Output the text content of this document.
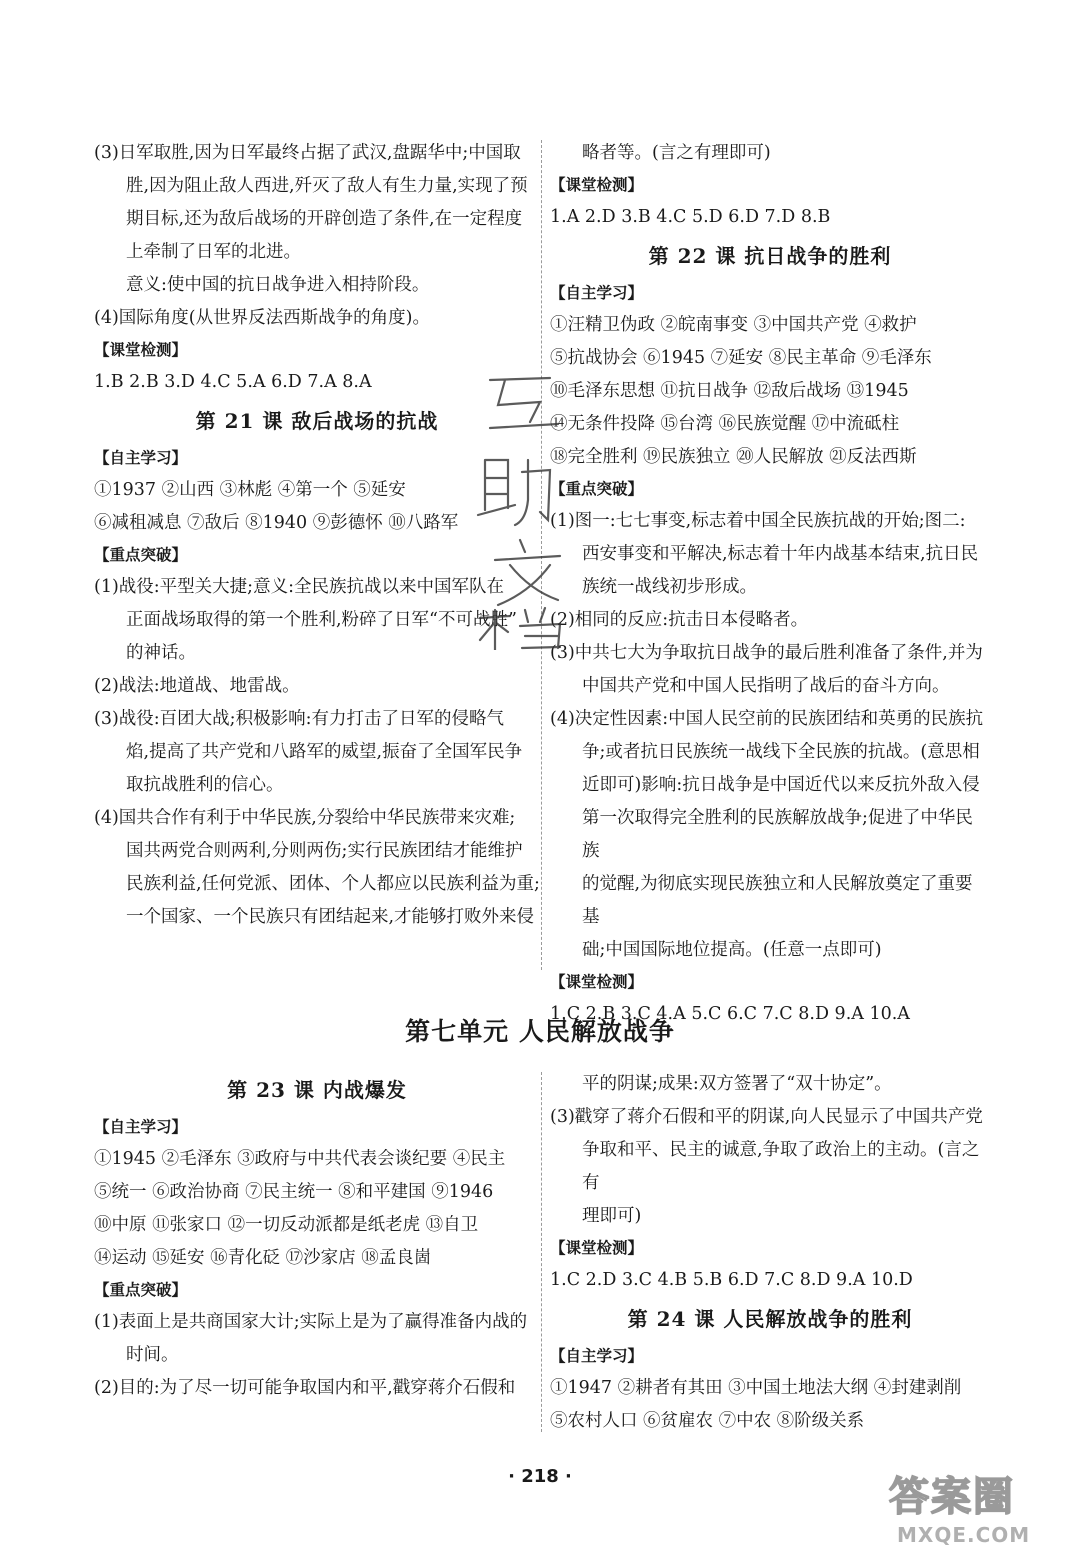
(3)日军取胜,因为日军最终占据了武汉,盘踞华中;中国取

胜,因为阻止敌人西进,歼灭了敌人有生力量,实现了预

期目标,还为敌后战场的开辟创造了条件,在一定程度

上牵制了日军的北进。

意义:使中国的抗日战争进入相持阶段。

(4)国际角度(从世界反法西斯战争的角度)。

【课堂检测】

1.B 2.B 3.D 4.C 5.A 6.D 7.A 8.A

第 21 课 敌后战场的抗战

【自主学习】

①1937 ②山西 ③林彪 ④第一个 ⑤延安

⑥减租减息 ⑦敌后 ⑧1940 ⑨彭德怀 ⑩八路军

【重点突破】

(1)战役:平型关大捷;意义:全民族抗战以来中国军队在

正面战场取得的第一个胜利,粉碎了日军“不可战胜”

的神话。

(2)战法:地道战、地雷战。

(3)战役:百团大战;积极影响:有力打击了日军的侵略气

焰,提高了共产党和八路军的威望,振奋了全国军民争

取抗战胜利的信心。

(4)国共合作有利于中华民族,分裂给中华民族带来灾难;

国共两党合则两利,分则两伤;实行民族团结才能维护

民族利益,任何党派、团体、个人都应以民族利益为重;

一个国家、一个民族只有团结起来,才能够打败外来侵

略者等。(言之有理即可)

【课堂检测】

1.A 2.D 3.B 4.C 5.D 6.D 7.D 8.B

第 22 课 抗日战争的胜利

【自主学习】

①汪精卫伪政 ②皖南事变 ③中国共产党 ④救护

⑤抗战协会 ⑥1945 ⑦延安 ⑧民主革命 ⑨毛泽东

⑩毛泽东思想 ⑪抗日战争 ⑫敌后战场 ⑬1945

⑭无条件投降 ⑮台湾 ⑯民族觉醒 ⑰中流砥柱

⑱完全胜利 ⑲民族独立 ⑳人民解放 ㉑反法西斯

【重点突破】

(1)图一:七七事变,标志着中国全民族抗战的开始;图二:

西安事变和平解决,标志着十年内战基本结束,抗日民

族统一战线初步形成。

(2)相同的反应:抗击日本侵略者。

(3)中共七大为争取抗日战争的最后胜利准备了条件,并为

中国共产党和中国人民指明了战后的奋斗方向。

(4)决定性因素:中国人民空前的民族团结和英勇的民族抗

争;或者抗日民族统一战线下全民族的抗战。(意思相

近即可)影响:抗日战争是中国近代以来反抗外敌入侵

第一次取得完全胜利的民族解放战争;促进了中华民族

的觉醒,为彻底实现民族独立和人民解放奠定了重要基

础;中国国际地位提高。(任意一点即可)

【课堂检测】

1.C 2.B 3.C 4.A 5.C 6.C 7.C 8.D 9.A 10.A

第七单元 人民解放战争

第 23 课 内战爆发

【自主学习】

①1945 ②毛泽东 ③政府与中共代表会谈纪要 ④民主

⑤统一 ⑥政治协商 ⑦民主统一 ⑧和平建国 ⑨1946

⑩中原 ⑪张家口 ⑫一切反动派都是纸老虎 ⑬自卫

⑭运动 ⑮延安 ⑯青化砭 ⑰沙家店 ⑱孟良崮

【重点突破】

(1)表面上是共商国家大计;实际上是为了赢得准备内战的

时间。

(2)目的:为了尽一切可能争取国内和平,戳穿蒋介石假和

平的阴谋;成果:双方签署了“双十协定”。

(3)戳穿了蒋介石假和平的阴谋,向人民显示了中国共产党

争取和平、民主的诚意,争取了政治上的主动。(言之有

理即可)

【课堂检测】

1.C 2.D 3.C 4.B 5.B 6.D 7.C 8.D 9.A 10.D

第 24 课 人民解放战争的胜利

【自主学习】

①1947 ②耕者有其田 ③中国土地法大纲 ④封建剥削

⑤农村人口 ⑥贫雇农 ⑦中农 ⑧阶级关系

· 218 ·	答案圈
MXQE.COM
